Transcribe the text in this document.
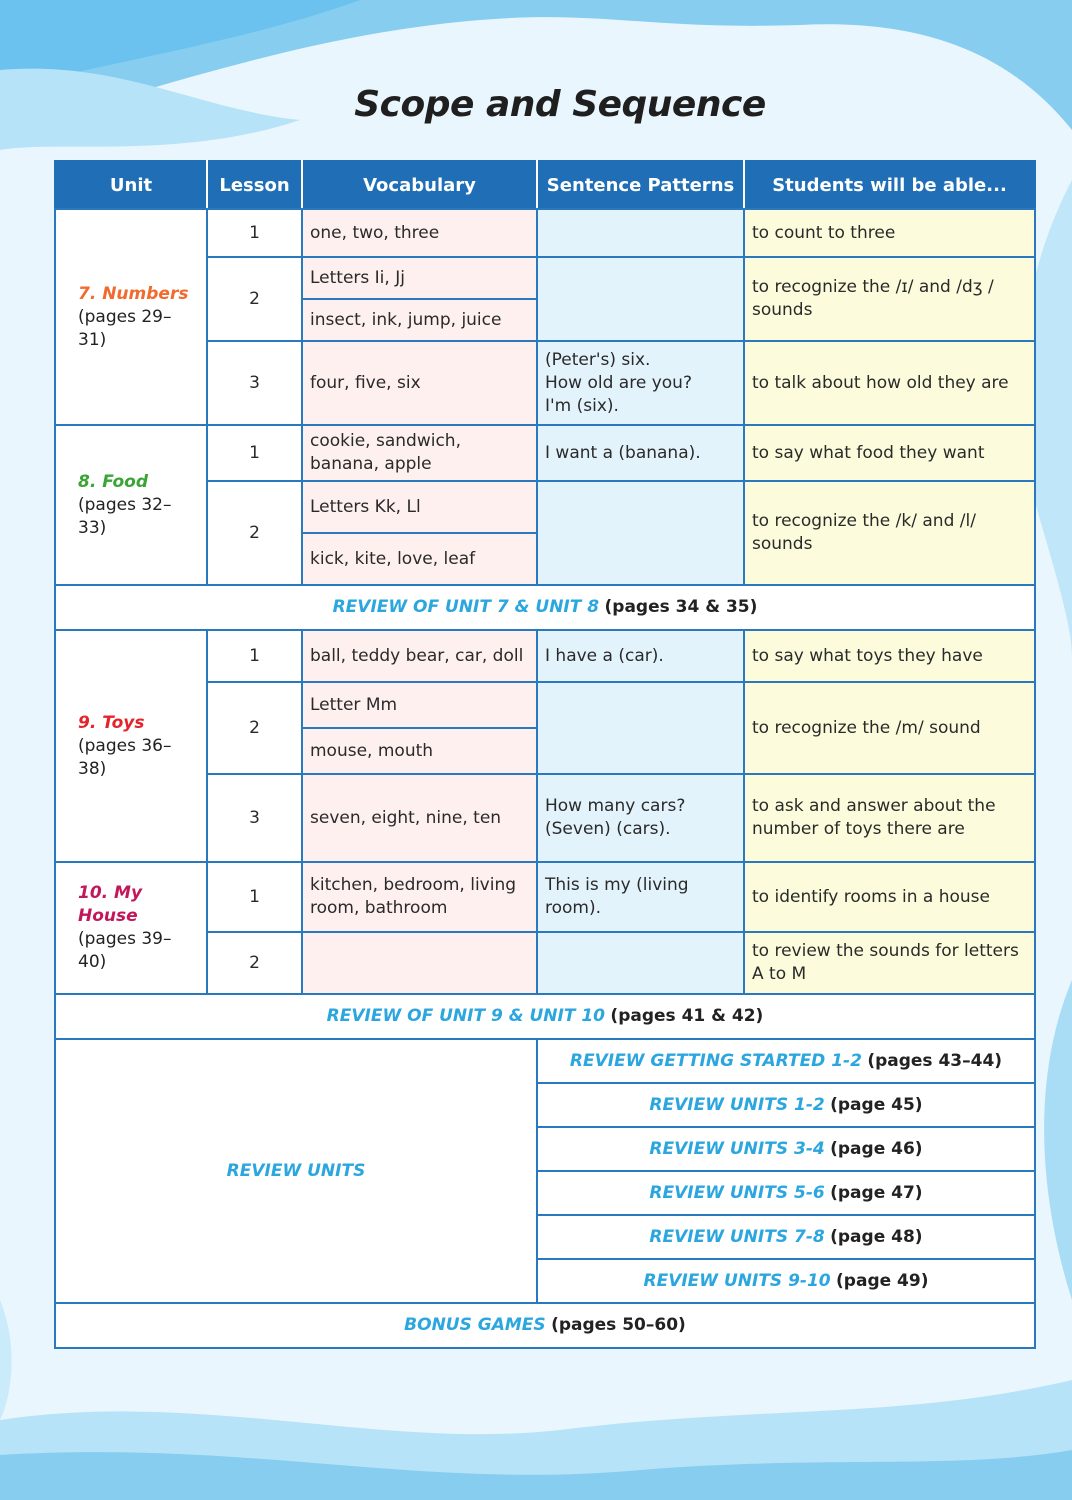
Scope and Sequence
Unit	Lesson	Vocabulary	Sentence Patterns	Students will be able...

7. Numbers
(pages 29–31)	1	one, two, three		to count to three
	2	Letters Ii, Jj		to recognize the /ɪ/ and /dʒ / sounds
		insect, ink, jump, juice		
	3	four, five, six	(Peter's) six.
How old are you?
I'm (six).	to talk about how old they are

8. Food
(pages 32–33)	1	cookie, sandwich, banana, apple	I want a (banana).	to say what food they want
	2	Letters Kk, Ll		to recognize the /k/ and /l/ sounds
		kick, kite, love, leaf		
REVIEW OF UNIT 7 & UNIT 8 (pages 34 & 35)				

9. Toys
(pages 36–38)	1	ball, teddy bear, car, doll	I have a (car).	to say what toys they have
	2	Letter Mm		to recognize the /m/ sound
		mouse, mouth		
	3	seven, eight, nine, ten	How many cars?
(Seven) (cars).	to ask and answer about the number of toys there are

10. My House
(pages 39–40)	1	kitchen, bedroom, living room, bathroom	This is my (living room).	to identify rooms in a house
	2			to review the sounds for letters A to M
REVIEW OF UNIT 9 & UNIT 10 (pages 41 & 42)				
REVIEW UNITS			REVIEW GETTING STARTED 1-2 (pages 43–44)	
			REVIEW UNITS 1-2 (page 45)	
			REVIEW UNITS 3-4 (page 46)	
			REVIEW UNITS 5-6 (page 47)	
			REVIEW UNITS 7-8 (page 48)	
			REVIEW UNITS 9-10 (page 49)	
BONUS GAMES (pages 50–60)				
